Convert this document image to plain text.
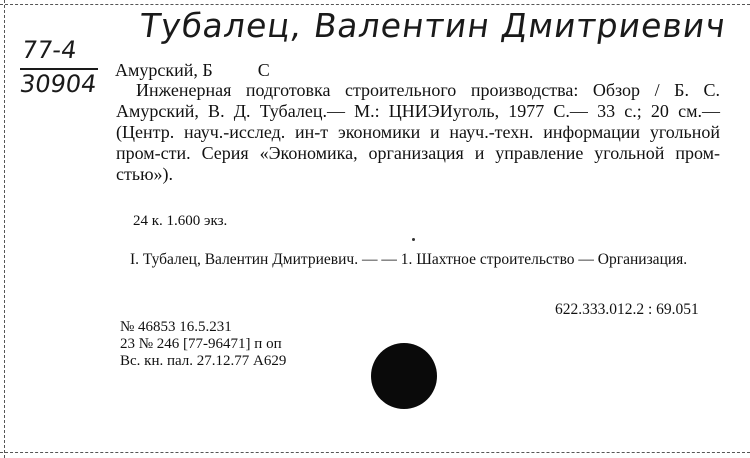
Тубалец, Валентин Дмитриевич
77-4
30904 Амурский, Б          С
Инженерная подготовка строительного производства: Обзор / Б. С. Амурский, В. Д. Тубалец.— М.: ЦНИЭИуголь, 1977 С.— 33 с.; 20 см.— (Центр. науч.-исслед. ин-т экономики и науч.-техн. информации угольной пром-сти. Серия «Экономика, организация и управление угольной пром-стью»).
24 к. 1.600 экз.
I. Тубалец, Валентин Дмитриевич. — — 1. Шахтное строительство — Организация.
622.333.012.2 : 69.051
№ 46853 16.5.231
23 № 246 [77-96471] п оп
Вс. кн. пал. 27.12.77 А629
